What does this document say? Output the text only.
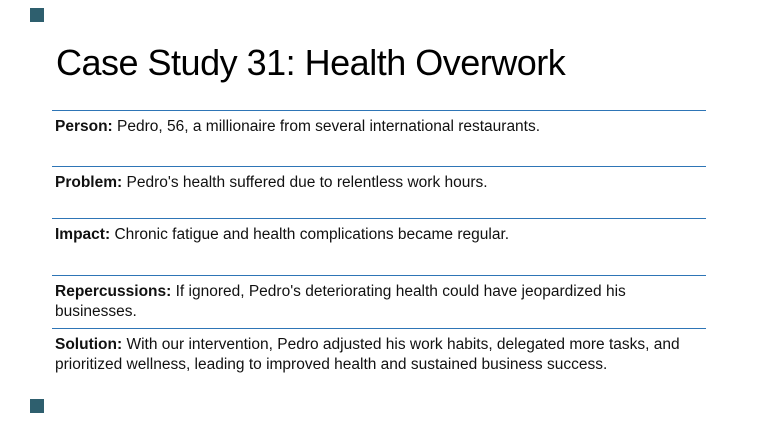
Case Study 31: Health Overwork
Person: Pedro, 56, a millionaire from several international restaurants.
Problem: Pedro's health suffered due to relentless work hours.
Impact: Chronic fatigue and health complications became regular.
Repercussions: If ignored, Pedro's deteriorating health could have jeopardized his businesses.
Solution: With our intervention, Pedro adjusted his work habits, delegated more tasks, and prioritized wellness, leading to improved health and sustained business success.
